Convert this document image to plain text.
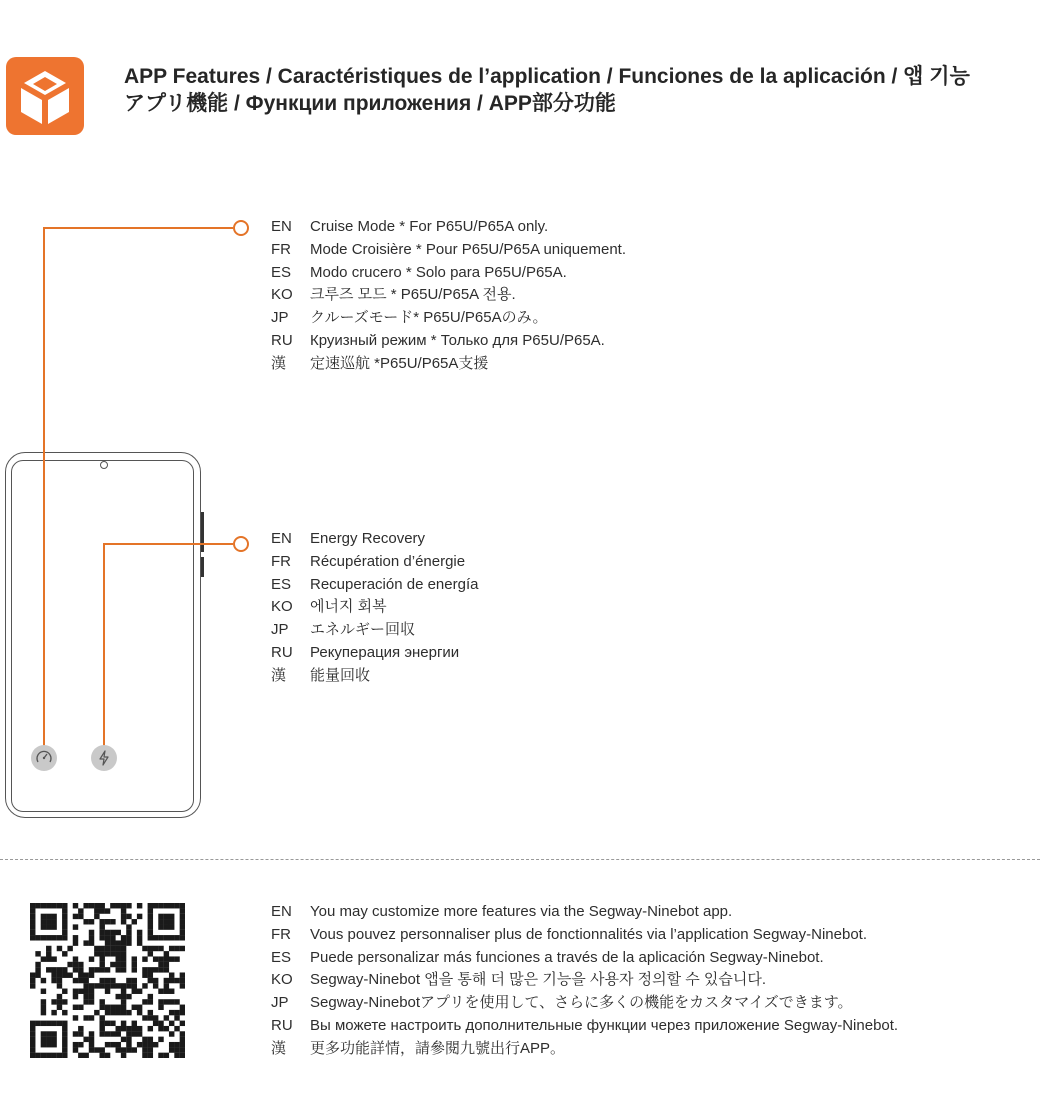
APP Features / Caractéristiques de l’application / Funciones de la aplicación / 앱 기능
アプリ機能 / Функции приложения / APP部分功能
EN	Cruise Mode * For P65U/P65A only.
FR	Mode Croisière * Pour P65U/P65A uniquement.
ES	Modo crucero * Solo para P65U/P65A.
KO	크루즈 모드 * P65U/P65A 전용.
JP	クルーズモード* P65U/P65Aのみ。
RU	Круизный режим * Только для P65U/P65A.
漢	定速巡航 *P65U/P65A支援
EN	Energy Recovery
FR	Récupération d’énergie
ES	Recuperación de energía
KO	에너지 회복
JP	エネルギー回収
RU	Рекуперация энергии
漢	能量回收
EN	You may customize more features via the Segway-Ninebot app.
FR	Vous pouvez personnaliser plus de fonctionnalités via l’application Segway-Ninebot.
ES	Puede personalizar más funciones a través de la aplicación Segway-Ninebot.
KO	Segway-Ninebot 앱을 통해 더 많은 기능을 사용자 정의할 수 있습니다.
JP	Segway-Ninebotアプリを使用して、さらに多くの機能をカスタマイズできます。
RU	Вы можете настроить дополнительные функции через приложение Segway-Ninebot.
漢	更多功能詳情，請參閱九號出行APP。
